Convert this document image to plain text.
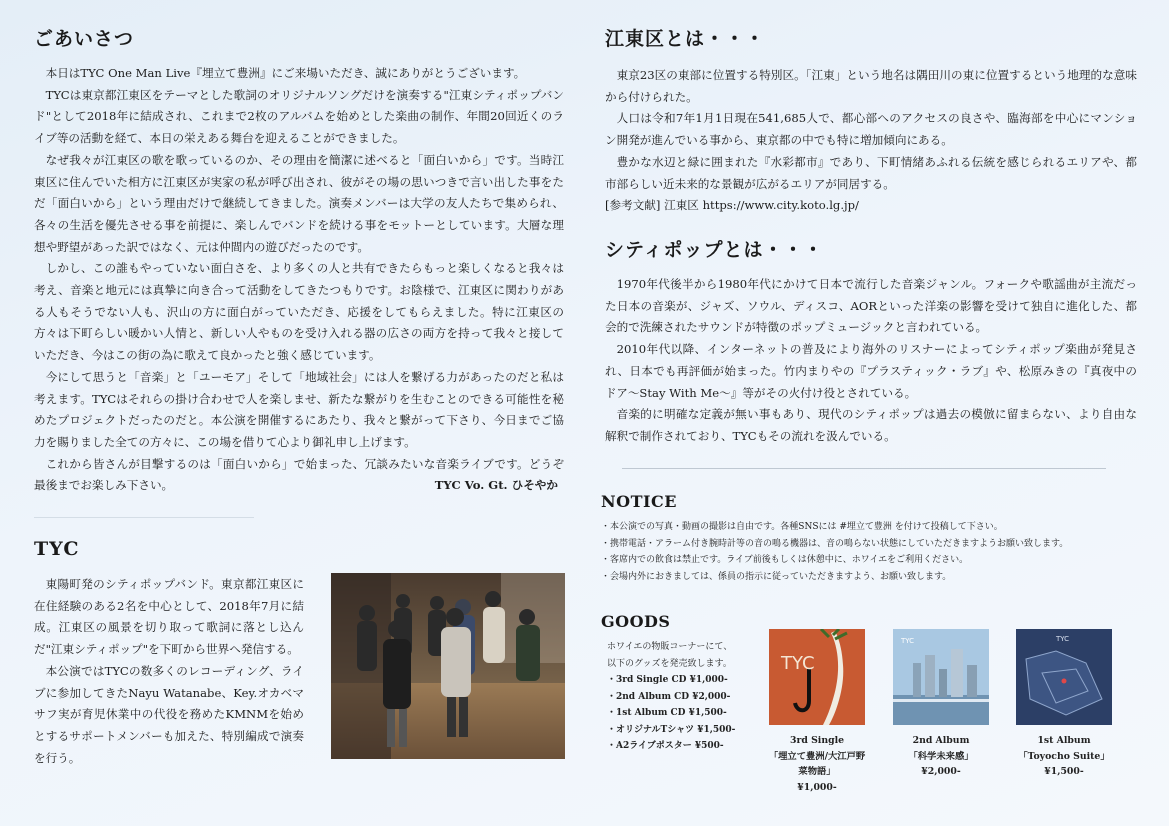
ごあいさつ

本日はTYC One Man Live『埋立て豊洲』にご来場いただき、誠にありがとうございます。

TYCは東京都江東区をテーマとした歌詞のオリジナルソングだけを演奏する"江東シティポップバンド"として2018年に結成され、これまで2枚のアルバムを始めとした楽曲の制作、年間20回近くのライブ等の活動を経て、本日の栄えある舞台を迎えることができました。

なぜ我々が江東区の歌を歌っているのか、その理由を簡潔に述べると「面白いから」です。当時江東区に住んでいた相方に江東区が実家の私が呼び出され、彼がその場の思いつきで言い出した事をただ「面白いから」という理由だけで継続してきました。演奏メンバーは大学の友人たちで集められ、各々の生活を優先させる事を前提に、楽しんでバンドを続ける事をモットーとしています。大層な理想や野望があった訳ではなく、元は仲間内の遊びだったのです。

しかし、この誰もやっていない面白さを、より多くの人と共有できたらもっと楽しくなると我々は考え、音楽と地元には真摯に向き合って活動をしてきたつもりです。お陰様で、江東区に関わりがある人もそうでない人も、沢山の方に面白がっていただき、応援をしてもらえました。特に江東区の方々は下町らしい暖かい人情と、新しい人やものを受け入れる器の広さの両方を持って我々と接していただき、今はこの街の為に歌えて良かったと強く感じています。

今にして思うと「音楽」と「ユーモア」そして「地域社会」には人を繋げる力があったのだと私は考えます。TYCはそれらの掛け合わせで人を楽しませ、新たな繋がりを生むことのできる可能性を秘めたプロジェクトだったのだと。本公演を開催するにあたり、我々と繋がって下さり、今日までご協力を賜りました全ての方々に、この場を借りて心より御礼申し上げます。

これから皆さんが目撃するのは「面白いから」で始まった、冗談みたいな音楽ライブです。どうぞ最後までお楽しみ下さい。	TYC Vo. Gt. ひそやか

TYC

東陽町発のシティポップバンド。東京都江東区に在住経験のある2名を中心として、2018年7月に結成。江東区の風景を切り取って歌詞に落とし込んだ"江東シティポップ"を下町から世界へ発信する。

本公演ではTYCの数多くのレコーディング、ライブに参加してきたNayu Watanabe、Key.オカベマサフ実が育児休業中の代役を務めたKMNMを始めとするサポートメンバーも加えた、特別編成で演奏を行う。

江東区とは・・・

東京23区の東部に位置する特別区。「江東」という地名は隅田川の東に位置するという地理的な意味から付けられた。

人口は令和7年1月1日現在541,685人で、都心部へのアクセスの良さや、臨海部を中心にマンション開発が進んでいる事から、東京都の中でも特に増加傾向にある。

豊かな水辺と緑に囲まれた『水彩都市』であり、下町情緒あふれる伝統を感じられるエリアや、都市部らしい近未来的な景観が広がるエリアが同居する。

[参考文献] 江東区 https://www.city.koto.lg.jp/

シティポップとは・・・

1970年代後半から1980年代にかけて日本で流行した音楽ジャンル。フォークや歌謡曲が主流だった日本の音楽が、ジャズ、ソウル、ディスコ、AORといった洋楽の影響を受けて独自に進化した、都会的で洗練されたサウンドが特徴のポップミュージックと言われている。

2010年代以降、インターネットの普及により海外のリスナーによってシティポップ楽曲が発見され、日本でも再評価が始まった。竹内まりやの『プラスティック・ラブ』や、松原みきの『真夜中のドア〜Stay With Me〜』等がその火付け役とされている。

音楽的に明確な定義が無い事もあり、現代のシティポップは過去の模倣に留まらない、より自由な解釈で制作されており、TYCもその流れを汲んでいる。

NOTICE
・本公演での写真・動画の撮影は自由です。各種SNSには #埋立て豊洲 を付けて投稿して下さい。
・携帯電話・アラーム付き腕時計等の音の鳴る機器は、音の鳴らない状態にしていただきますようお願い致します。
・客席内での飲食は禁止です。ライブ前後もしくは休憩中に、ホワイエをご利用ください。
・会場内外におきましては、係員の指示に従っていただきますよう、お願い致します。
GOODS
ホワイエの物販コーナーにて、
以下のグッズを発売致します。
・3rd Single CD ¥1,000-
・2nd Album CD ¥2,000-
・1st Album CD ¥1,500-
・オリジナルTシャツ ¥1,500-
・A2ライブポスター ¥500-
TYC
3rd Single
「埋立て豊洲/大江戸野菜物語」
¥1,000-
TYC
2nd Album
「科学未来感」
¥2,000-
TYC
1st Album
「Toyocho Suite」
¥1,500-
